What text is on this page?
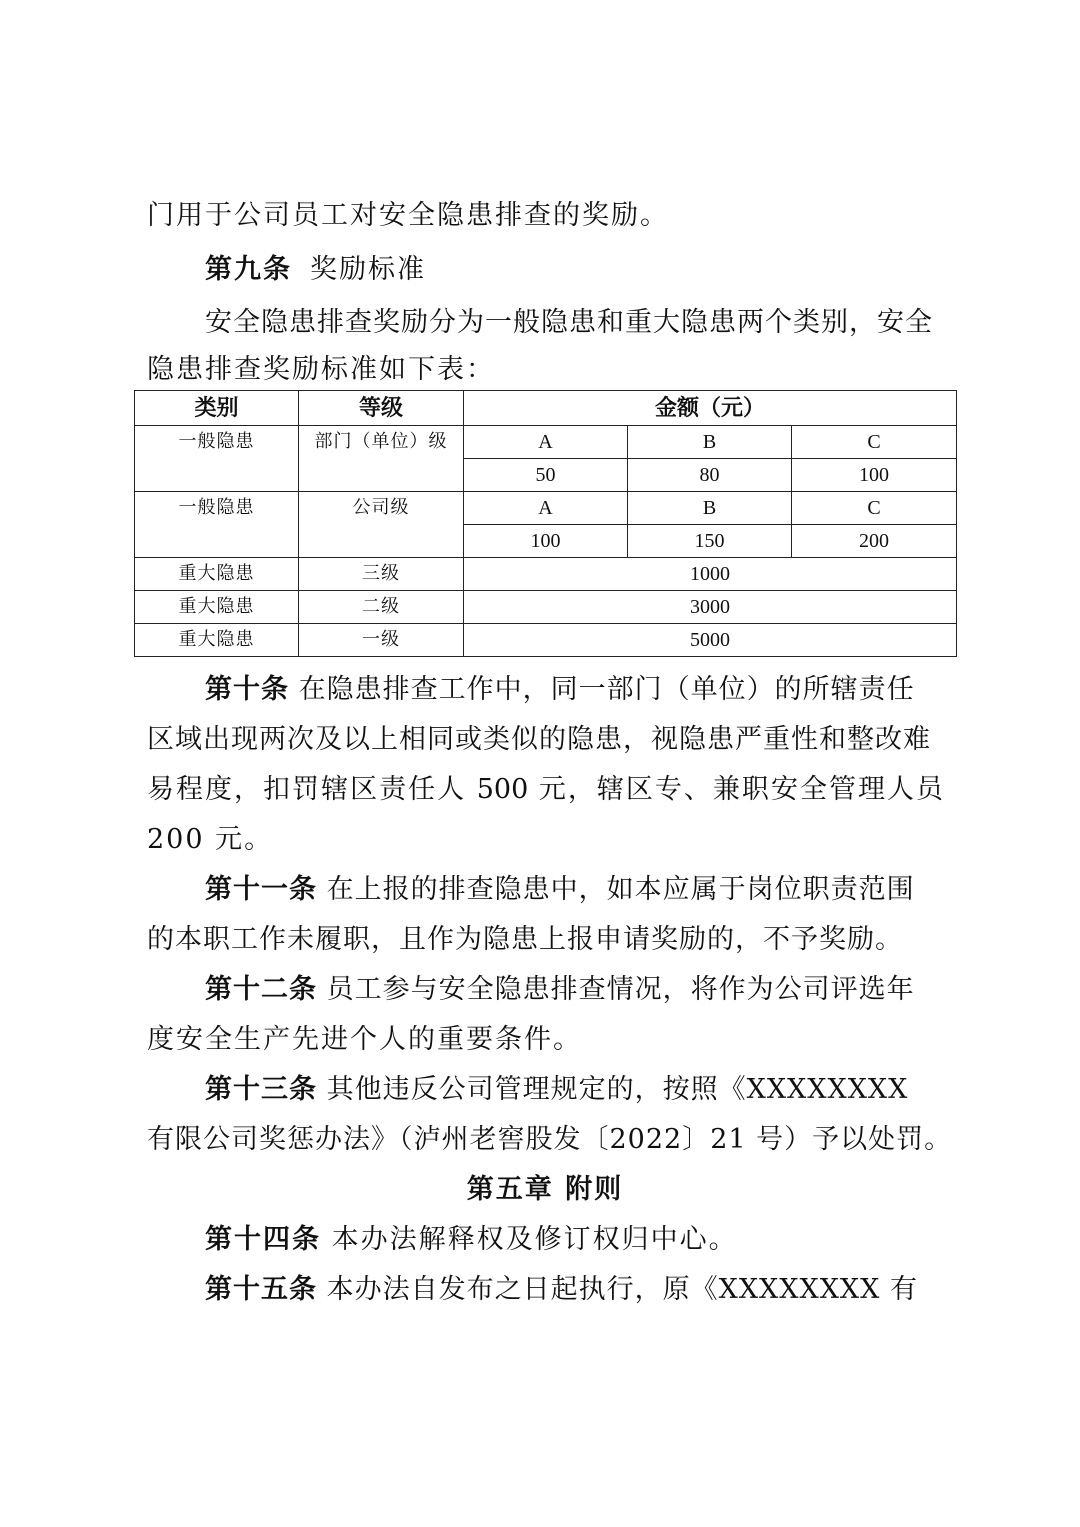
门用于公司员工对安全隐患排查的奖励。
第九条 奖励标准
安全隐患排查奖励分为一般隐患和重大隐患两个类别，安全
隐患排查奖励标准如下表：
类别	等级	金额（元）		
一般隐患	部门（单位）级	A	B	C
		50	80	100
一般隐患	公司级	A	B	C
		100	150	200
重大隐患	三级	1000		
重大隐患	二级	3000		
重大隐患	一级	5000		
第十条 在隐患排查工作中，同一部门（单位）的所辖责任
区域出现两次及以上相同或类似的隐患，视隐患严重性和整改难
易程度，扣罚辖区责任人 500 元，辖区专、兼职安全管理人员
200 元。
第十一条 在上报的排查隐患中，如本应属于岗位职责范围
的本职工作未履职，且作为隐患上报申请奖励的，不予奖励。
第十二条 员工参与安全隐患排查情况，将作为公司评选年
度安全生产先进个人的重要条件。
第十三条 其他违反公司管理规定的，按照《XXXXXXXX
有限公司奖惩办法》（泸州老窖股发〔2022〕21 号）予以处罚。
第五章 附则
第十四条 本办法解释权及修订权归中心。
第十五条 本办法自发布之日起执行，原《XXXXXXXX 有
